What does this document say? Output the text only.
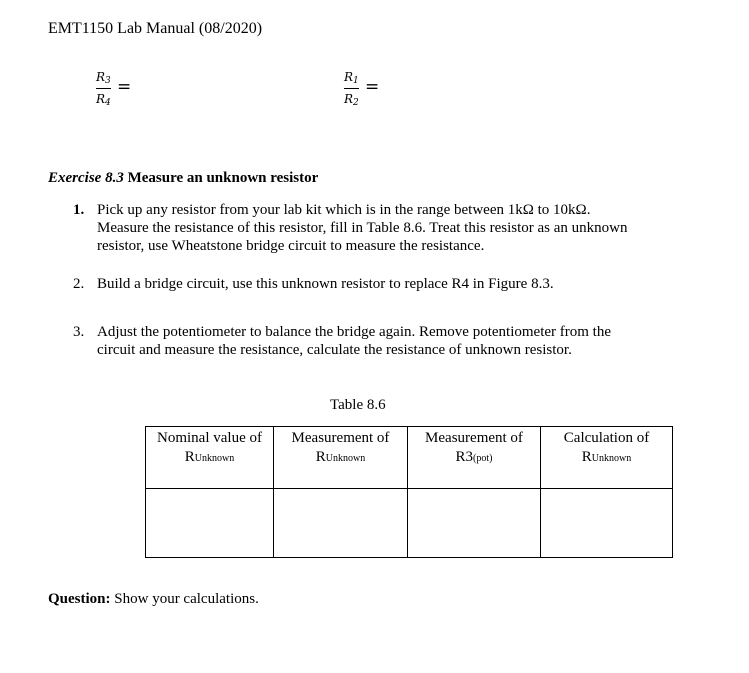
EMT1150 Lab Manual (08/2020)
$R_3$
$R_4$
=	$R_1$
$R_2$
=
Exercise 8.3 Measure an unknown resistor
1. Pick up any resistor from your lab kit which is in the range between 1kΩ to 10kΩ.
Measure the resistance of this resistor, fill in Table 8.6. Treat this resistor as an unknown
resistor, use Wheatstone bridge circuit to measure the resistance.
2. Build a bridge circuit, use this unknown resistor to replace R4 in Figure 8.3.
3. Adjust the potentiometer to balance the bridge again. Remove potentiometer from the
circuit and measure the resistance, calculate the resistance of unknown resistor.
Table 8.6
Nominal value of
RUnknown
Measurement of
RUnknown
Measurement of
R3(pot)
Calculation of
RUnknown
Question: Show your calculations.
